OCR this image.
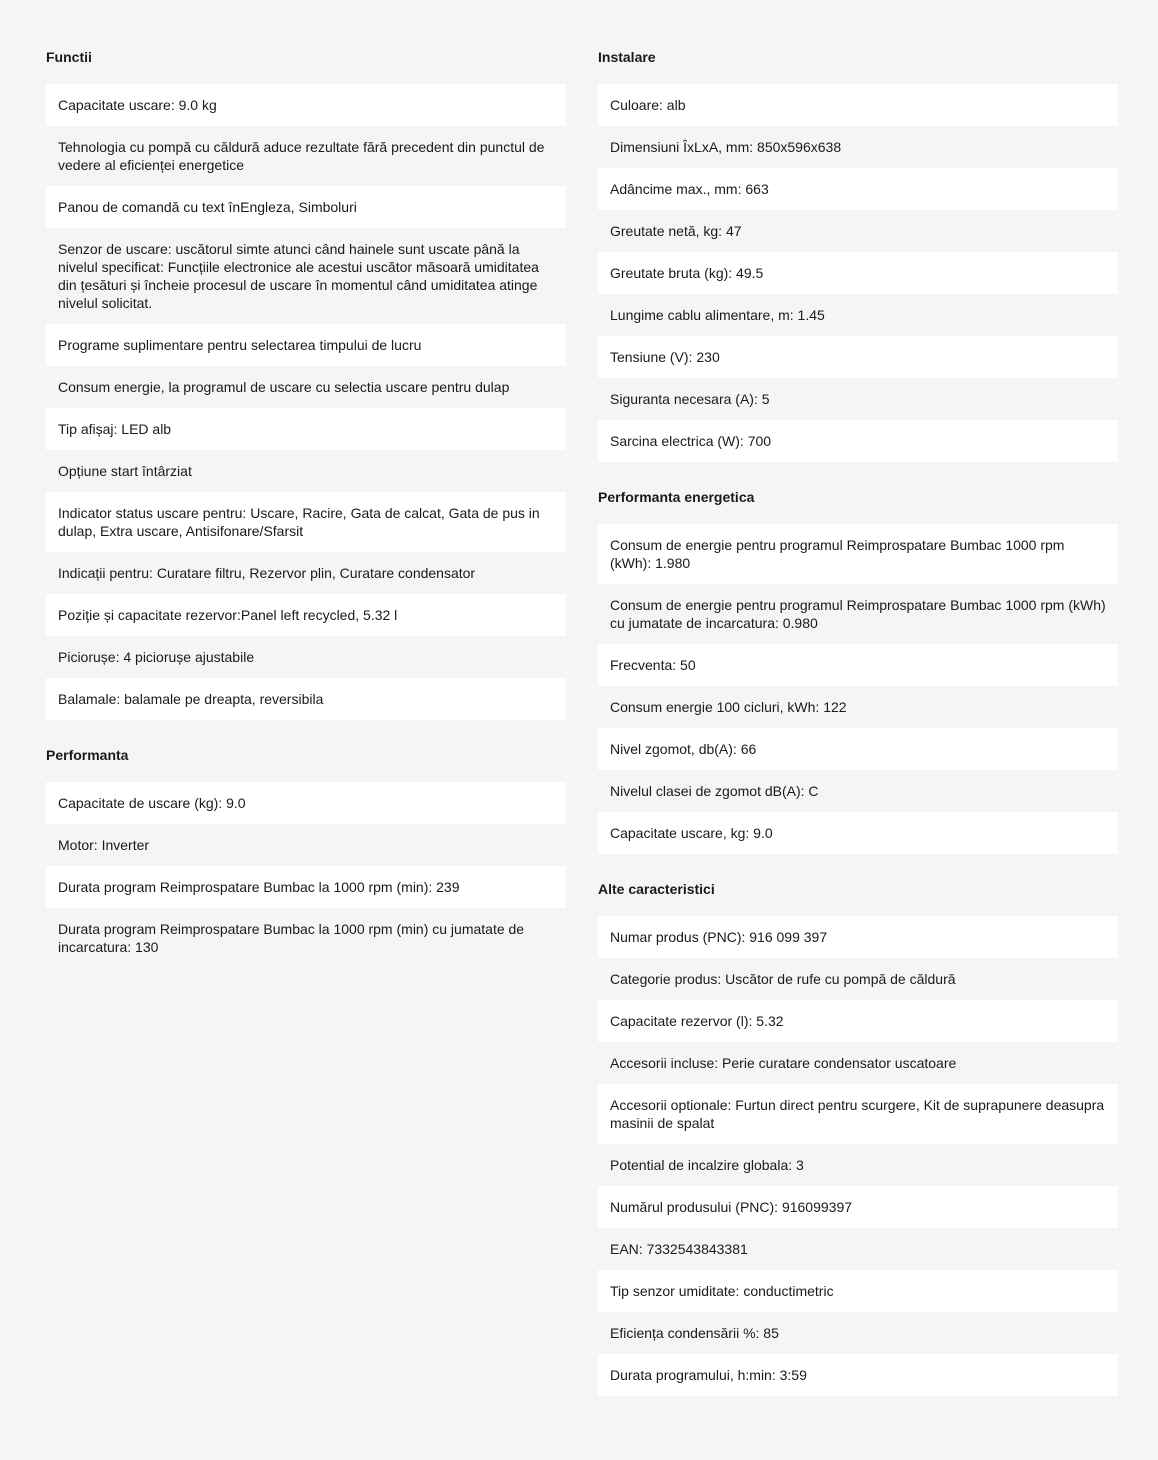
Functii
Capacitate uscare: 9.0 kg
Tehnologia cu pompă cu căldură aduce rezultate fără precedent din punctul de vedere al eficienței energetice
Panou de comandă cu text înEngleza, Simboluri
Senzor de uscare: uscătorul simte atunci când hainele sunt uscate până la nivelul specificat: Funcțiile electronice ale acestui uscător măsoară umiditatea din țesături și încheie procesul de uscare în momentul când umiditatea atinge nivelul solicitat.
Programe suplimentare pentru selectarea timpului de lucru
Consum energie, la programul de uscare cu selectia uscare pentru dulap
Tip afișaj: LED alb
Opțiune start întârziat
Indicator status uscare pentru: Uscare, Racire, Gata de calcat, Gata de pus in dulap, Extra uscare, Antisifonare/Sfarsit
Indicații pentru: Curatare filtru, Rezervor plin, Curatare condensator
Poziție și capacitate rezervor:Panel left recycled, 5.32 l
Piciorușe: 4 piciorușe ajustabile
Balamale: balamale pe dreapta, reversibila
Performanta
Capacitate de uscare (kg): 9.0
Motor: Inverter
Durata program Reimprospatare Bumbac la 1000 rpm (min): 239
Durata program Reimprospatare Bumbac la 1000 rpm (min) cu jumatate de incarcatura: 130
Instalare
Culoare: alb
Dimensiuni ÎxLxA, mm: 850x596x638
Adâncime max., mm: 663
Greutate netă, kg: 47
Greutate bruta (kg): 49.5
Lungime cablu alimentare, m: 1.45
Tensiune (V): 230
Siguranta necesara (A): 5
Sarcina electrica (W): 700
Performanta energetica
Consum de energie pentru programul Reimprospatare Bumbac 1000 rpm (kWh): 1.980
Consum de energie pentru programul Reimprospatare Bumbac 1000 rpm (kWh) cu jumatate de incarcatura: 0.980
Frecventa: 50
Consum energie 100 cicluri, kWh: 122
Nivel zgomot, db(A): 66
Nivelul clasei de zgomot dB(A): C
Capacitate uscare, kg: 9.0
Alte caracteristici
Numar produs (PNC): 916 099 397
Categorie produs: Uscător de rufe cu pompă de căldură
Capacitate rezervor (l): 5.32
Accesorii incluse: Perie curatare condensator uscatoare
Accesorii optionale: Furtun direct pentru scurgere, Kit de suprapunere deasupra masinii de spalat
Potential de incalzire globala: 3
Numărul produsului (PNC): 916099397
EAN: 7332543843381
Tip senzor umiditate: conductimetric
Eficiența condensării %: 85
Durata programului, h:min: 3:59
